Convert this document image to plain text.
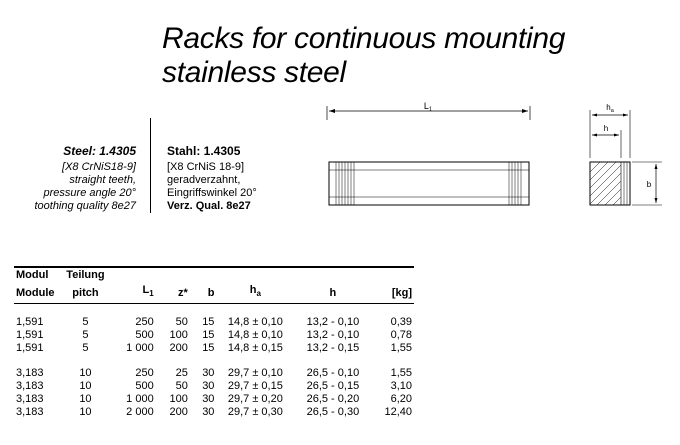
Racks for continuous mounting
stainless steel
Steel: 1.4305
[X8 CrNiS18-9]
straight teeth,
pressure angle 20°
toothing quality 8e27
Stahl: 1.4305
[X8 CrNiS 18-9]
geradverzahnt,
Eingriffswinkel 20°
Verz. Qual. 8e27
$L_1$	$h_a$
h
b
Modul	Teilung						
Module	pitch	$L_1$	z*	b	$h_a$	h	[kg]

1,591	5	250	50	15	14,8 ± 0,10	13,2 - 0,10	0,39
1,591	5	500	100	15	14,8 ± 0,10	13,2 - 0,10	0,78
1,591	5	1 000	200	15	14,8 ± 0,15	13,2 - 0,15	1,55

3,183	10	250	25	30	29,7 ± 0,10	26,5 - 0,10	1,55
3,183	10	500	50	30	29,7 ± 0,15	26,5 - 0,15	3,10
3,183	10	1 000	100	30	29,7 ± 0,20	26,5 - 0,20	6,20
3,183	10	2 000	200	30	29,7 ± 0,30	26,5 - 0,30	12,40
